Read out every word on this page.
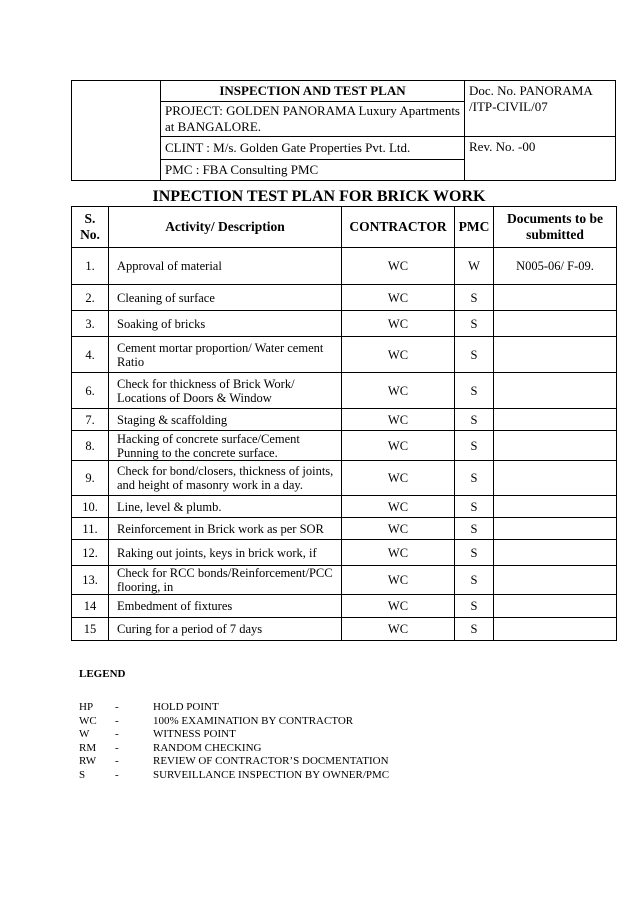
	INSPECTION AND TEST PLAN	Doc. No. PANORAMA /ITP-CIVIL/07
	PROJECT: GOLDEN PANORAMA Luxury Apartments at BANGALORE.	
	CLINT : M/s. Golden Gate Properties Pvt. Ltd.	Rev. No. -00
	PMC : FBA Consulting PMC	
INPECTION TEST PLAN FOR BRICK WORK
S. No.	Activity/ Description	CONTRACTOR	PMC	Documents to be submitted
1.	Approval of material	WC	W	N005-06/ F-09.
2.	Cleaning of surface	WC	S	
3.	Soaking of bricks	WC	S	
4.	Cement mortar proportion/ Water cement Ratio	WC	S	
6.	Check for thickness of Brick Work/ Locations of Doors & Window	WC	S	
7.	Staging & scaffolding	WC	S	
8.	Hacking of concrete surface/Cement Punning to the concrete surface.	WC	S	
9.	Check for bond/closers, thickness of joints, and height of masonry work in a day.	WC	S	
10.	Line, level & plumb.	WC	S	
11.	Reinforcement in Brick work as per SOR	WC	S	
12.	Raking out joints, keys in brick work, if	WC	S	
13.	Check for RCC bonds/Reinforcement/PCC flooring, in	WC	S	
14	Embedment of fixtures	WC	S	
15	Curing for a period of 7 days	WC	S	
LEGEND
HP -	HOLD POINT
WC -	100% EXAMINATION BY CONTRACTOR
W -	WITNESS POINT
RM -	RANDOM CHECKING
RW -	REVIEW OF CONTRACTOR’S DOCMENTATION
S	-	SURVEILLANCE INSPECTION BY OWNER/PMC
